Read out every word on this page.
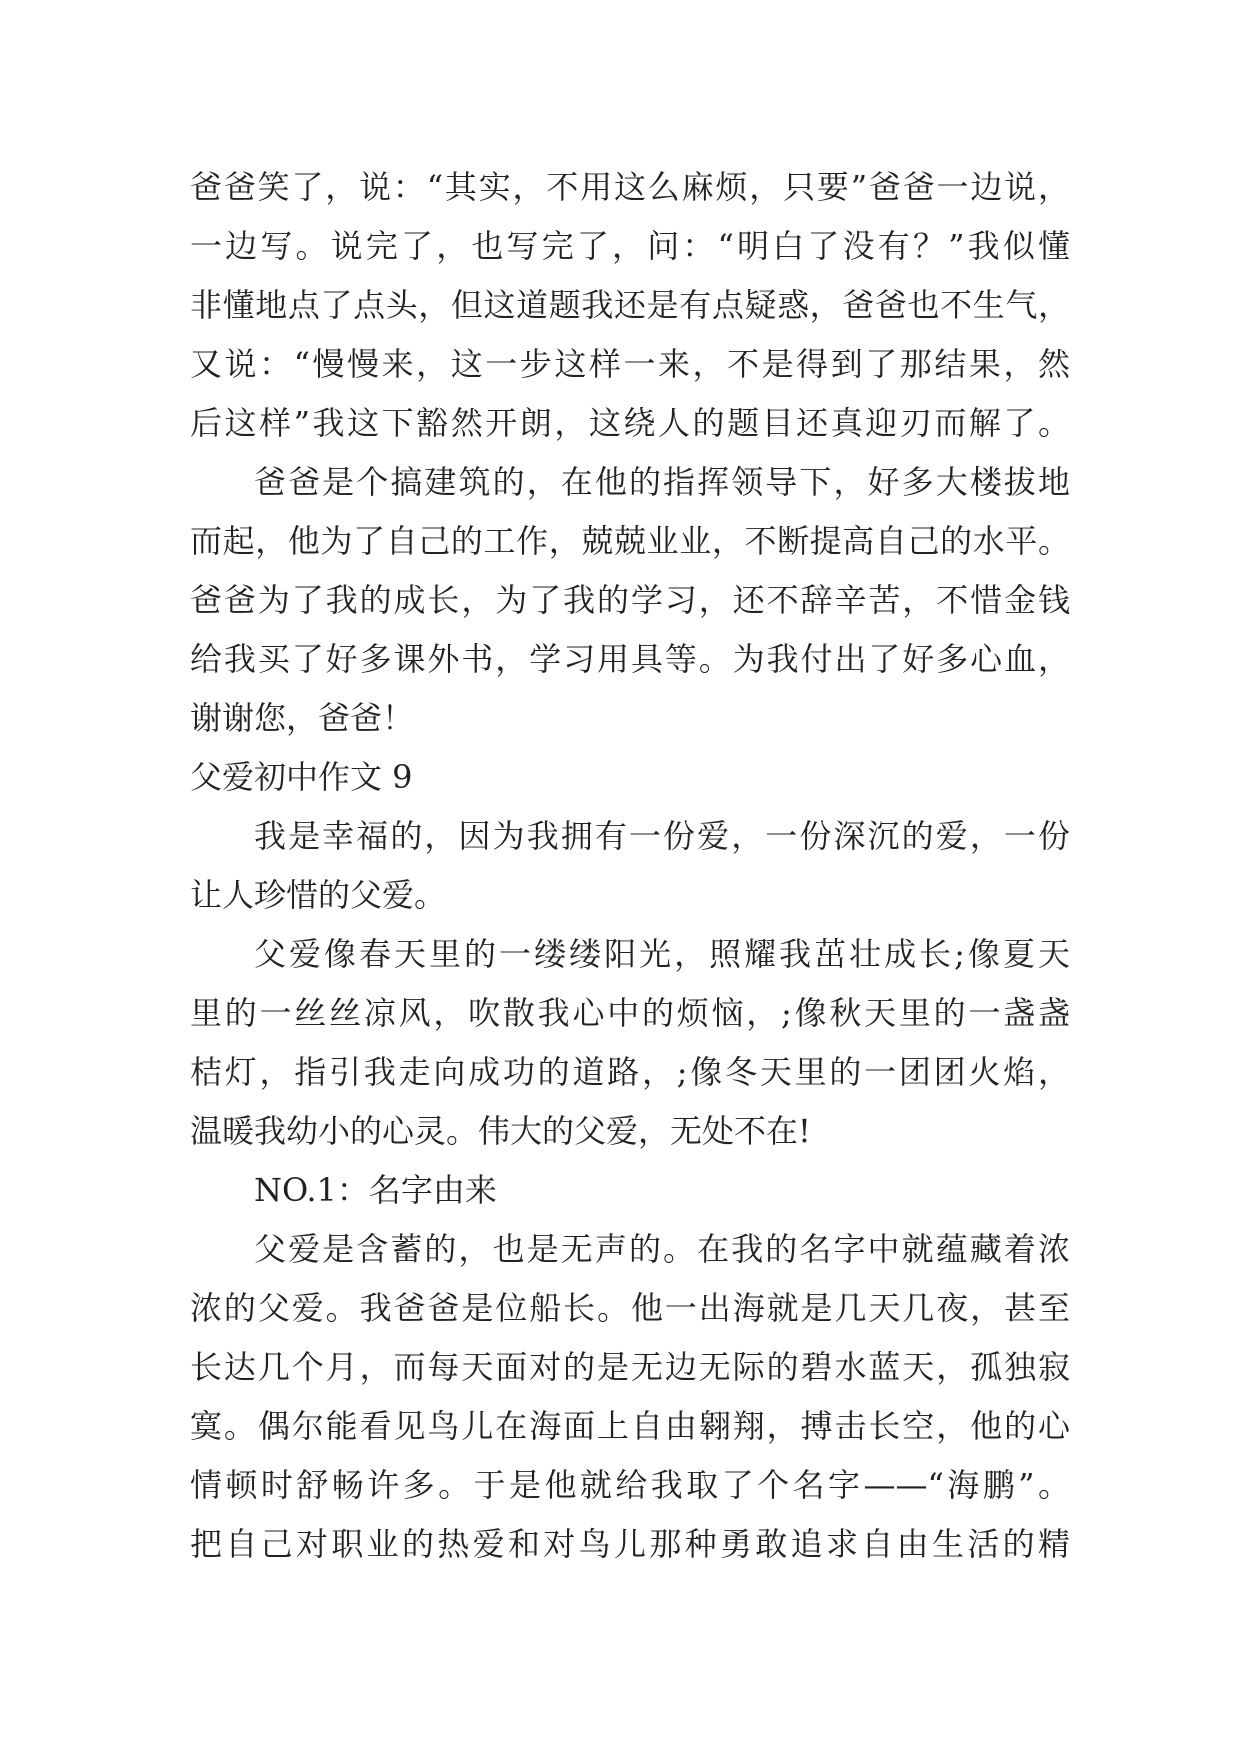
爸爸笑了，说：“其实，不用这么麻烦，只要”爸爸一边说，
一边写。说完了，也写完了，问：“明白了没有？”我似懂
非懂地点了点头，但这道题我还是有点疑惑，爸爸也不生气，
又说：“慢慢来，这一步这样一来，不是得到了那结果，然
后这样”我这下豁然开朗，这绕人的题目还真迎刃而解了。
爸爸是个搞建筑的，在他的指挥领导下，好多大楼拔地
而起，他为了自己的工作，兢兢业业，不断提高自己的水平。
爸爸为了我的成长，为了我的学习，还不辞辛苦，不惜金钱
给我买了好多课外书，学习用具等。为我付出了好多心血，
谢谢您，爸爸！
父爱初中作文 9
我是幸福的，因为我拥有一份爱，一份深沉的爱，一份
让人珍惜的父爱。
父爱像春天里的一缕缕阳光，照耀我茁壮成长;像夏天
里的一丝丝凉风，吹散我心中的烦恼，;像秋天里的一盏盏
桔灯，指引我走向成功的道路，;像冬天里的一团团火焰，
温暖我幼小的心灵。伟大的父爱，无处不在!
NO.1：名字由来
父爱是含蓄的，也是无声的。在我的名字中就蕴藏着浓
浓的父爱。我爸爸是位船长。他一出海就是几天几夜，甚至
长达几个月，而每天面对的是无边无际的碧水蓝天，孤独寂
寞。偶尔能看见鸟儿在海面上自由翱翔，搏击长空，他的心
情顿时舒畅许多。于是他就给我取了个名字——“海鹏”。
把自己对职业的热爱和对鸟儿那种勇敢追求自由生活的精
